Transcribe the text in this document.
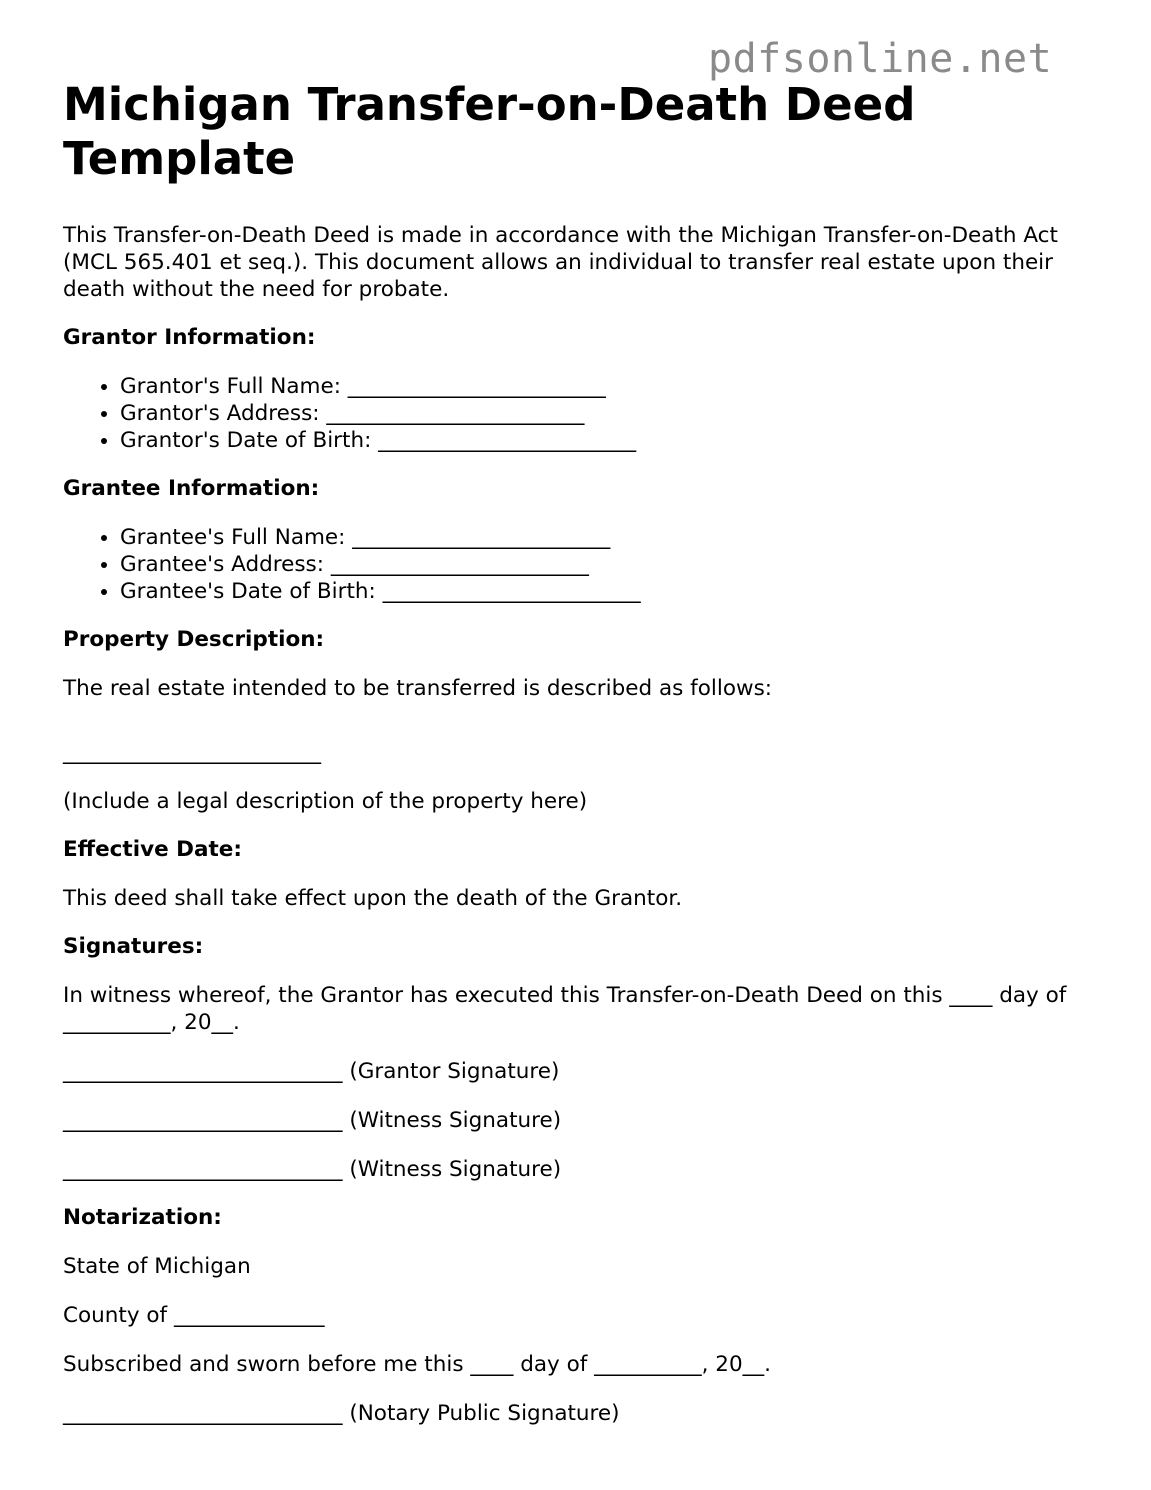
pdfsonline.net
Michigan Transfer-on-Death Deed Template

This Transfer-on-Death Deed is made in accordance with the Michigan Transfer-on-Death Act (MCL 565.401 et seq.). This document allows an individual to transfer real estate upon their death without the need for probate.

Grantor Information:
• Grantor's Full Name: ________________________
• Grantor's Address: ________________________
• Grantor's Date of Birth: ________________________
Grantee Information:
• Grantee's Full Name: ________________________
• Grantee's Address: ________________________
• Grantee's Date of Birth: ________________________
Property Description:

The real estate intended to be transferred is described as follows:

________________________

(Include a legal description of the property here)

Effective Date:

This deed shall take effect upon the death of the Grantor.

Signatures:

In witness whereof, the Grantor has executed this Transfer-on-Death Deed on this ____ day of __________, 20__.

__________________________ (Grantor Signature)

__________________________ (Witness Signature)

__________________________ (Witness Signature)

Notarization:

State of Michigan

County of ______________

Subscribed and sworn before me this ____ day of __________, 20__.

__________________________ (Notary Public Signature)
